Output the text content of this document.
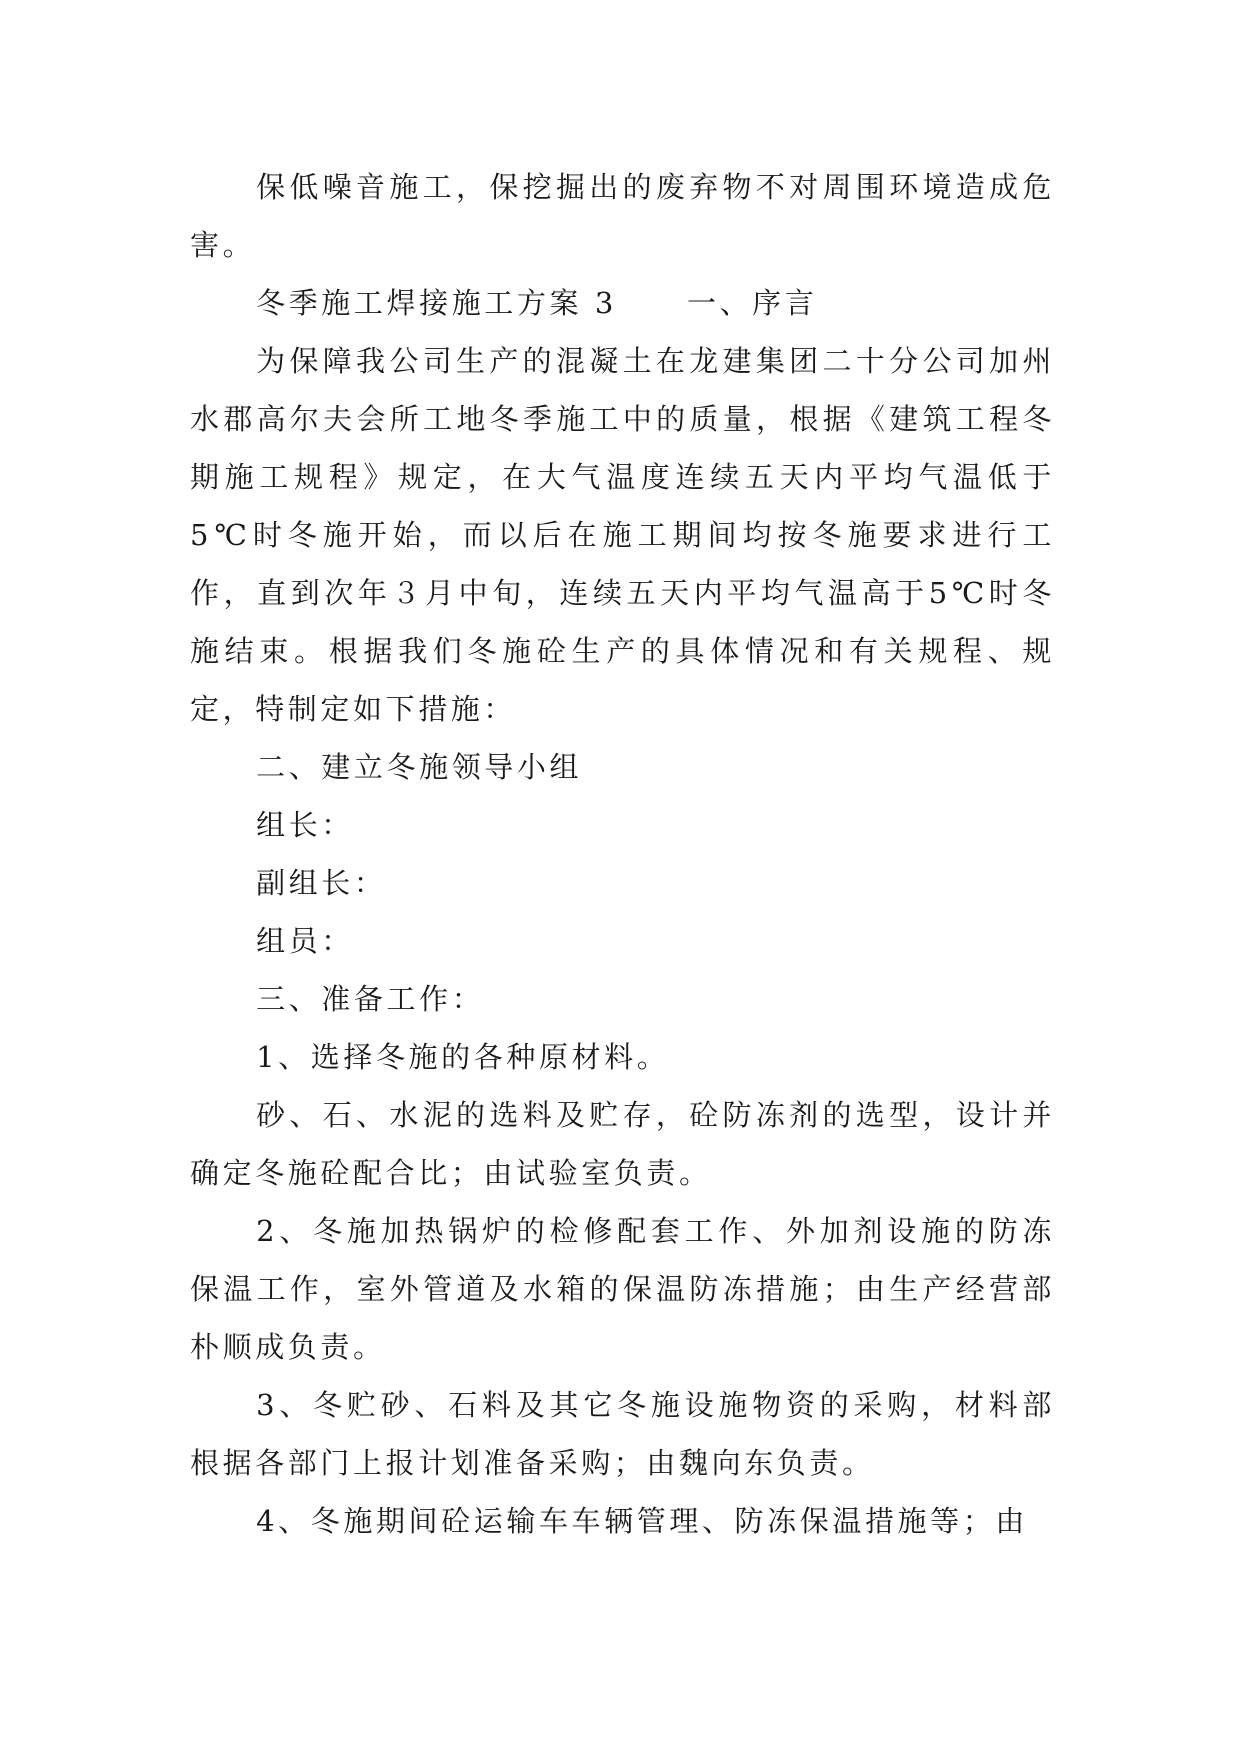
保低噪音施工，保挖掘出的废弃物不对周围环境造成危害。

冬季施工焊接施工方案 3 一、序言

为保障我公司生产的混凝土在龙建集团二十分公司加州水郡高尔夫会所工地冬季施工中的质量，根据《建筑工程冬期施工规程》规定，在大气温度连续五天内平均气温低于5℃时冬施开始，而以后在施工期间均按冬施要求进行工作，直到次年３月中旬，连续五天内平均气温高于5℃时冬施结束。根据我们冬施砼生产的具体情况和有关规程、规定，特制定如下措施：

二、建立冬施领导小组

组长：

副组长：

组员：

三、准备工作：

1、选择冬施的各种原材料。

砂、石、水泥的选料及贮存，砼防冻剂的选型，设计并确定冬施砼配合比；由试验室负责。

2、冬施加热锅炉的检修配套工作、外加剂设施的防冻保温工作，室外管道及水箱的保温防冻措施；由生产经营部朴顺成负责。

3、冬贮砂、石料及其它冬施设施物资的采购，材料部根据各部门上报计划准备采购；由魏向东负责。

4、冬施期间砼运输车车辆管理、防冻保温措施等；由
